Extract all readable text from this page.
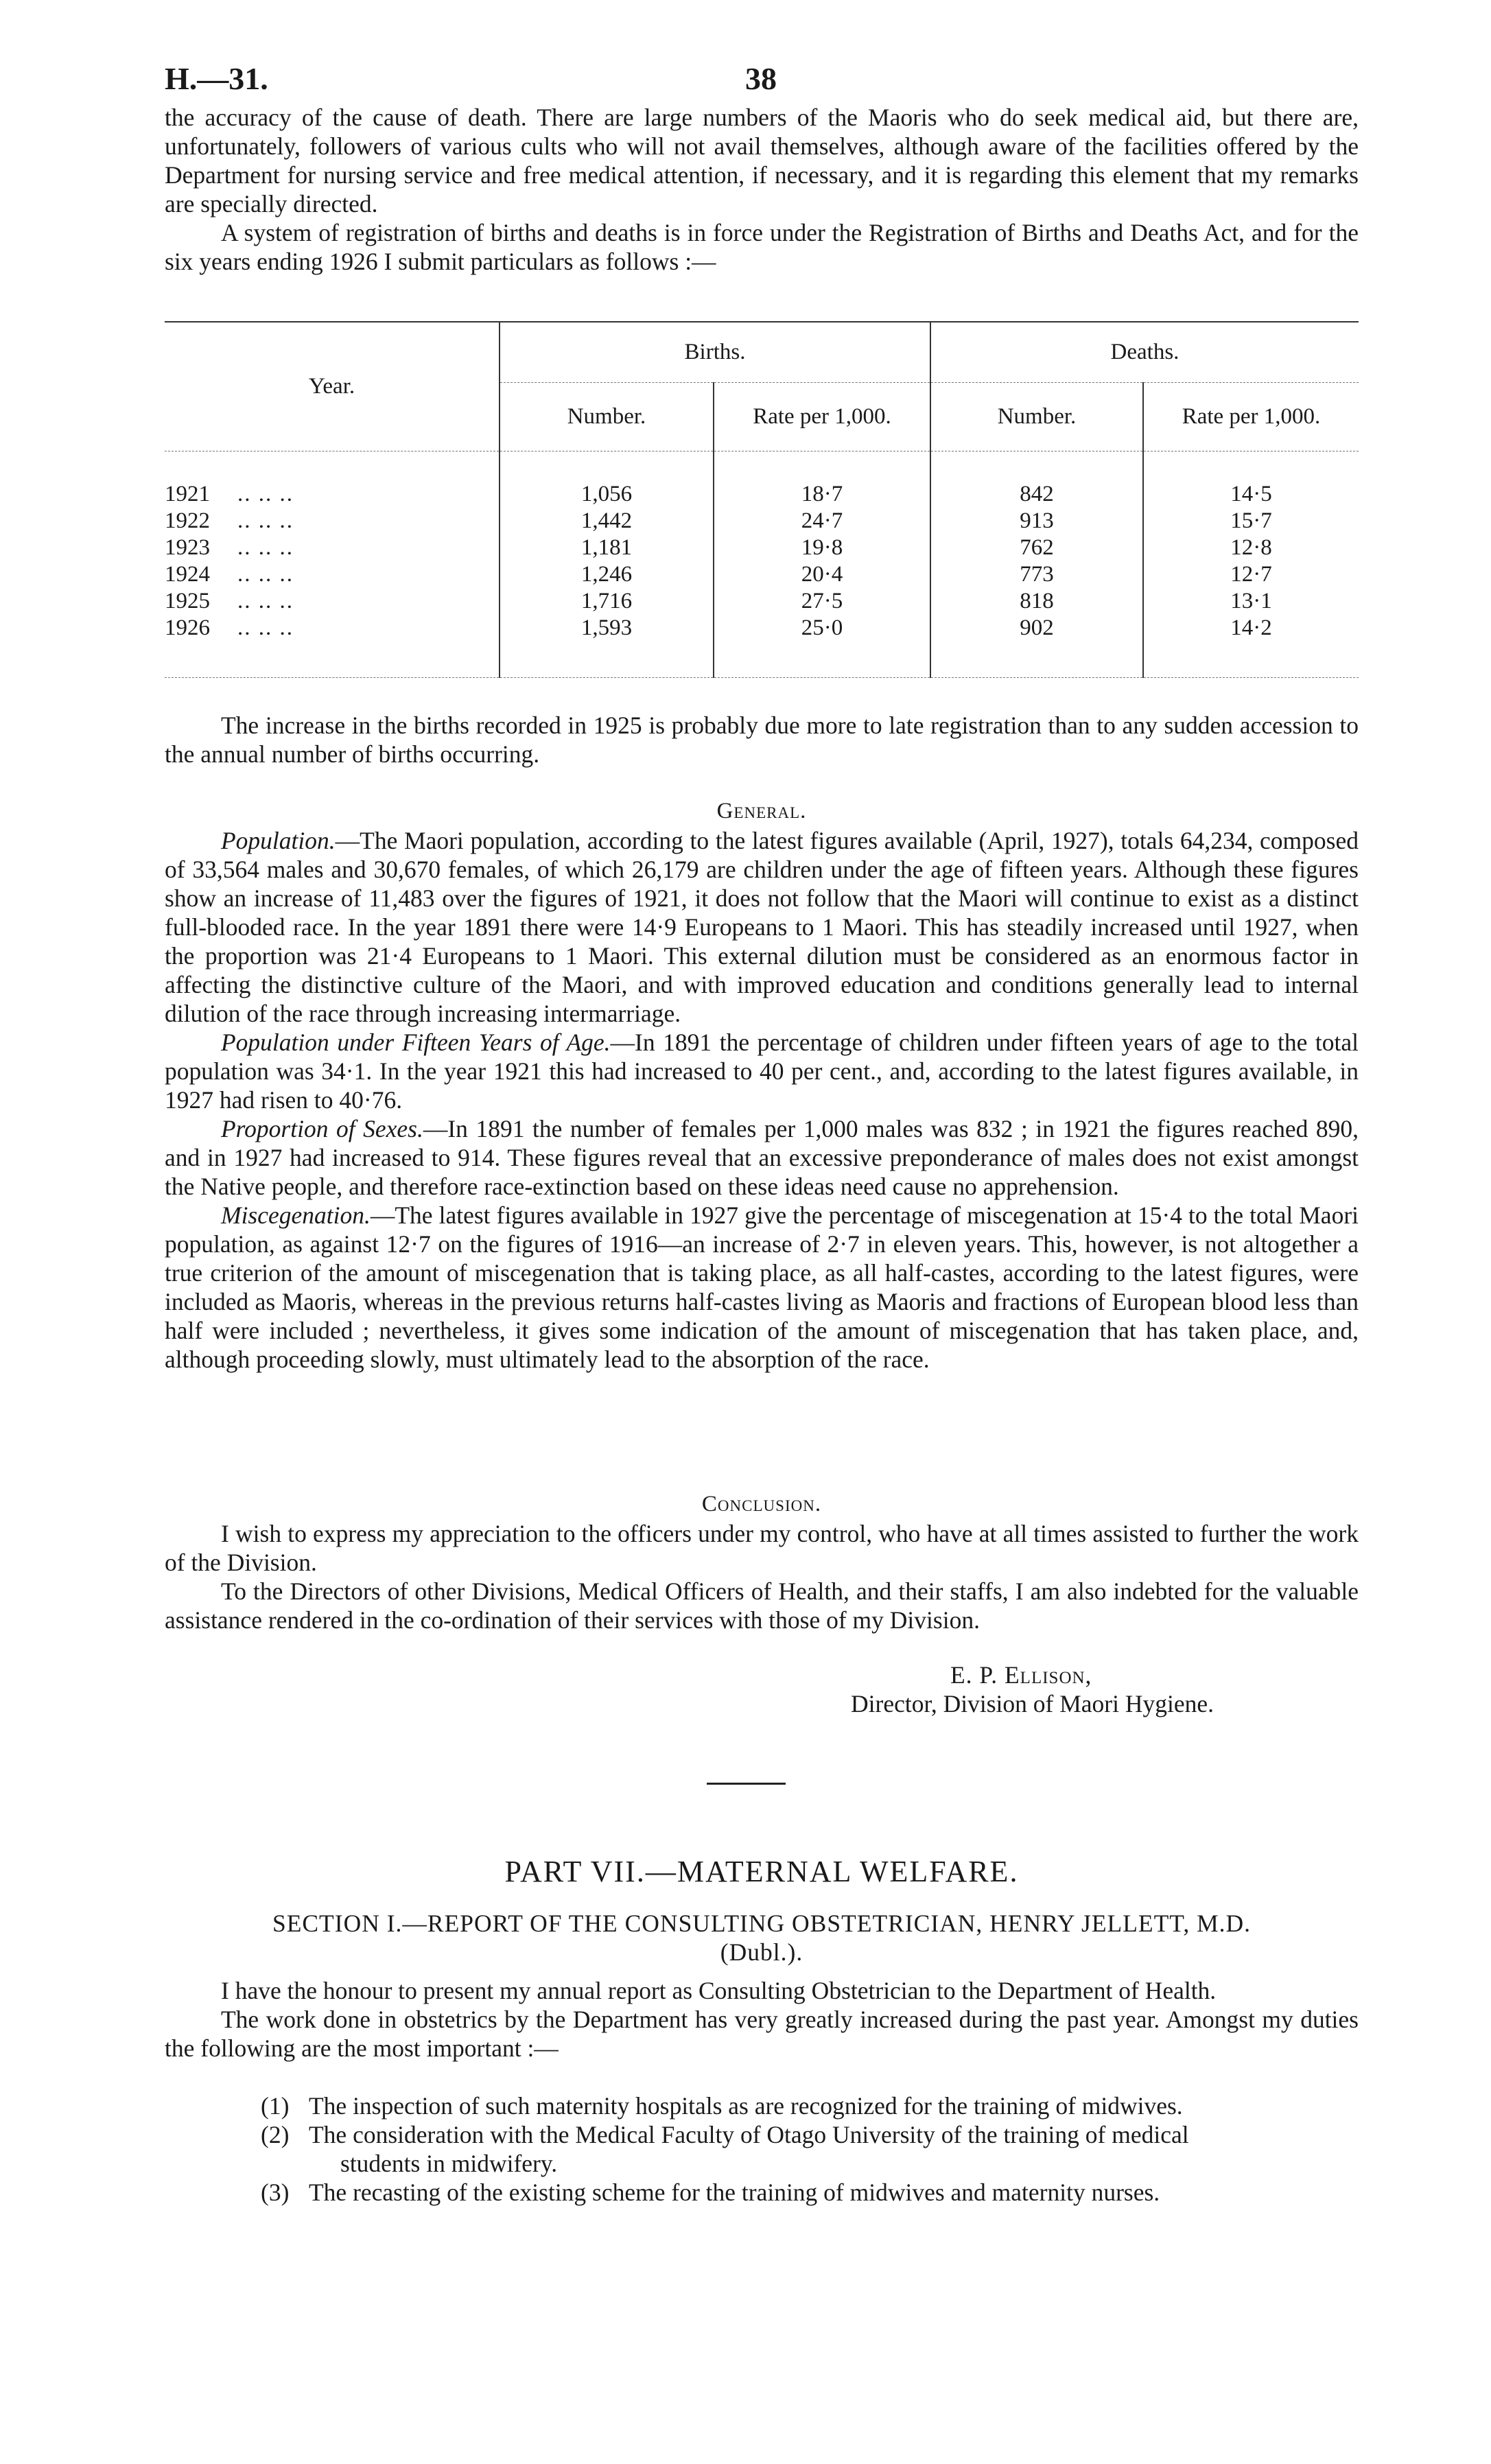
H.—31.	38

the accuracy of the cause of death. There are large numbers of the Maoris who do seek medical aid, but there are, unfortunately, followers of various cults who will not avail themselves, although aware of the facilities offered by the Department for nursing service and free medical attention, if necessary, and it is regarding this element that my remarks are specially directed.

A system of registration of births and deaths is in force under the Registration of Births and Deaths Act, and for the six years ending 1926 I submit particulars as follows :—

Year.	Births.		Deaths.	
	Number.	Rate per 1,000.	Number.	Rate per 1,000.

1921 .. .. ..	1,056	18·7	842	14·5
1922 .. .. ..	1,442	24·7	913	15·7
1923 .. .. ..	1,181	19·8	762	12·8
1924 .. .. ..	1,246	20·4	773	12·7
1925 .. .. ..	1,716	27·5	818	13·1
1926 .. .. ..	1,593	25·0	902	14·2

The increase in the births recorded in 1925 is probably due more to late registration than to any sudden accession to the annual number of births occurring.
General.

Population.—The Maori population, according to the latest figures available (April, 1927), totals 64,234, composed of 33,564 males and 30,670 females, of which 26,179 are children under the age of fifteen years. Although these figures show an increase of 11,483 over the figures of 1921, it does not follow that the Maori will continue to exist as a distinct full-blooded race. In the year 1891 there were 14·9 Europeans to 1 Maori. This has steadily increased until 1927, when the proportion was 21·4 Europeans to 1 Maori. This external dilution must be considered as an enormous factor in affecting the distinctive culture of the Maori, and with improved education and conditions generally lead to internal dilution of the race through increasing intermarriage.

Population under Fifteen Years of Age.—In 1891 the percentage of children under fifteen years of age to the total population was 34·1. In the year 1921 this had increased to 40 per cent., and, according to the latest figures available, in 1927 had risen to 40·76.

Proportion of Sexes.—In 1891 the number of females per 1,000 males was 832 ; in 1921 the figures reached 890, and in 1927 had increased to 914. These figures reveal that an excessive preponderance of males does not exist amongst the Native people, and therefore race-extinction based on these ideas need cause no apprehension.

Miscegenation.—The latest figures available in 1927 give the percentage of miscegenation at 15·4 to the total Maori population, as against 12·7 on the figures of 1916—an increase of 2·7 in eleven years. This, however, is not altogether a true criterion of the amount of miscegenation that is taking place, as all half-castes, according to the latest figures, were included as Maoris, whereas in the previous returns half-castes living as Maoris and fractions of European blood less than half were included ; nevertheless, it gives some indication of the amount of miscegenation that has taken place, and, although proceeding slowly, must ultimately lead to the absorption of the race.

Conclusion.

I wish to express my appreciation to the officers under my control, who have at all times assisted to further the work of the Division.

To the Directors of other Divisions, Medical Officers of Health, and their staffs, I am also indebted for the valuable assistance rendered in the co-ordination of their services with those of my Division.

E. P. Ellison,
Director, Division of Maori Hygiene.
PART VII.—MATERNAL WELFARE.
SECTION I.—REPORT OF THE CONSULTING OBSTETRICIAN, HENRY JELLETT, M.D.
(Dubl.).

I have the honour to present my annual report as Consulting Obstetrician to the Department of Health.

The work done in obstetrics by the Department has very greatly increased during the past year. Amongst my duties the following are the most important :—

(1) The inspection of such maternity hospitals as are recognized for the training of midwives.
(2) The consideration with the Medical Faculty of Otago University of the training of medical
students in midwifery.
(3) The recasting of the existing scheme for the training of midwives and maternity nurses.
